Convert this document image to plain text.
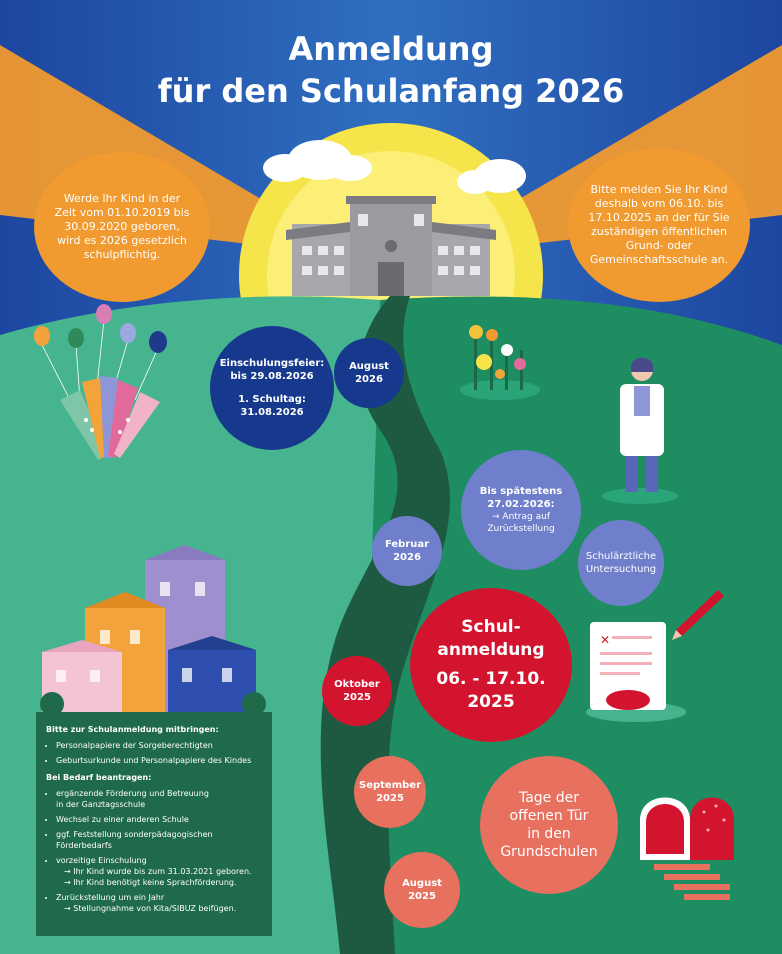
✕
Anmeldung
für den Schulanfang 2026
Werde Ihr Kind in der Zeit vom 01.10.2019 bis 30.09.2020 geboren, wird es 2026 gesetzlich schulpflichtig.
Bitte melden Sie Ihr Kind deshalb vom 06.10. bis 17.10.2025 an der für Sie zuständigen öffentlichen Grund- oder Gemeinschaftsschule an.
Einschulungsfeier:
bis 29.08.2026
1. Schultag:
31.08.2026
August
2026
Bis spätestens
27.02.2026:
→ Antrag auf
Zurückstellung
Februar
2026	Schulärztliche
Untersuchung
Schul-
anmeldung
06. - 17.10.
2025
Oktober
2025
September
2025	Tage der
offenen Tür
in den
Grundschulen
August
2025
Bitte zur Schulanmeldung mitbringen:
• Personalpapiere der Sorgeberechtigten
• Geburtsurkunde und Personalpapiere des Kindes
Bei Bedarf beantragen:
• ergänzende Förderung und Betreuung
in der Ganztagsschule
• Wechsel zu einer anderen Schule
• ggf. Feststellung sonderpädagogischen
Förderbedarfs
• vorzeitige Einschulung
→ Ihr Kind wurde bis zum 31.03.2021 geboren.
→ Ihr Kind benötigt keine Sprachförderung.
• Zurückstellung um ein Jahr
→ Stellungnahme von Kita/SIBUZ beifügen.
